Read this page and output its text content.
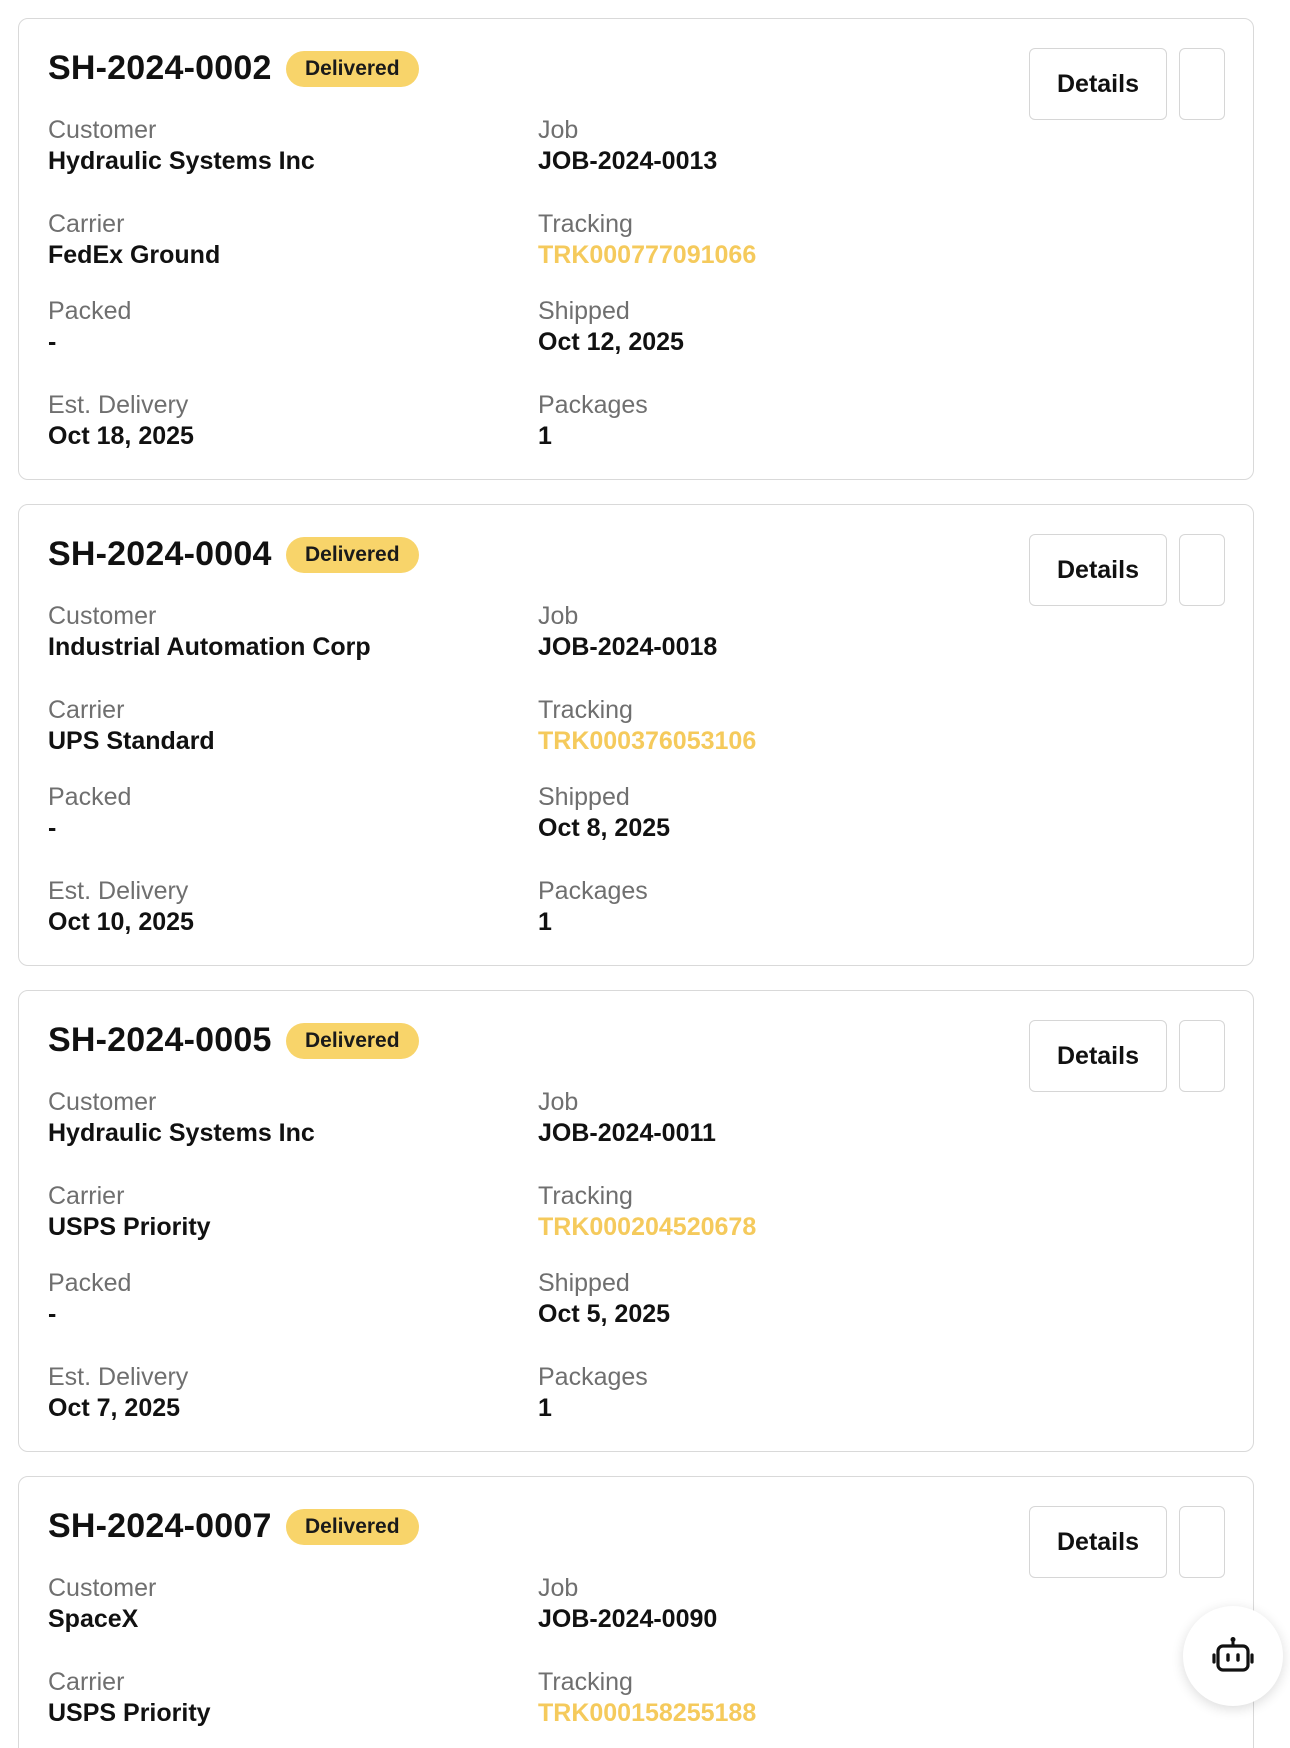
SH-2024-0002	Delivered
Details
Customer
Hydraulic Systems Inc
Job
JOB-2024-0013
Carrier
FedEx Ground
Tracking
TRK000777091066
Packed
-
Shipped
Oct 12, 2025
Est. Delivery
Oct 18, 2025
Packages
1
SH-2024-0004	Delivered
Details
Customer
Industrial Automation Corp
Job
JOB-2024-0018
Carrier
UPS Standard
Tracking
TRK000376053106
Packed
-
Shipped
Oct 8, 2025
Est. Delivery
Oct 10, 2025
Packages
1
SH-2024-0005	Delivered
Details
Customer
Hydraulic Systems Inc
Job
JOB-2024-0011
Carrier
USPS Priority
Tracking
TRK000204520678
Packed
-
Shipped
Oct 5, 2025
Est. Delivery
Oct 7, 2025
Packages
1
SH-2024-0007	Delivered
Details
Customer
SpaceX
Job
JOB-2024-0090
Carrier
USPS Priority
Tracking
TRK000158255188
